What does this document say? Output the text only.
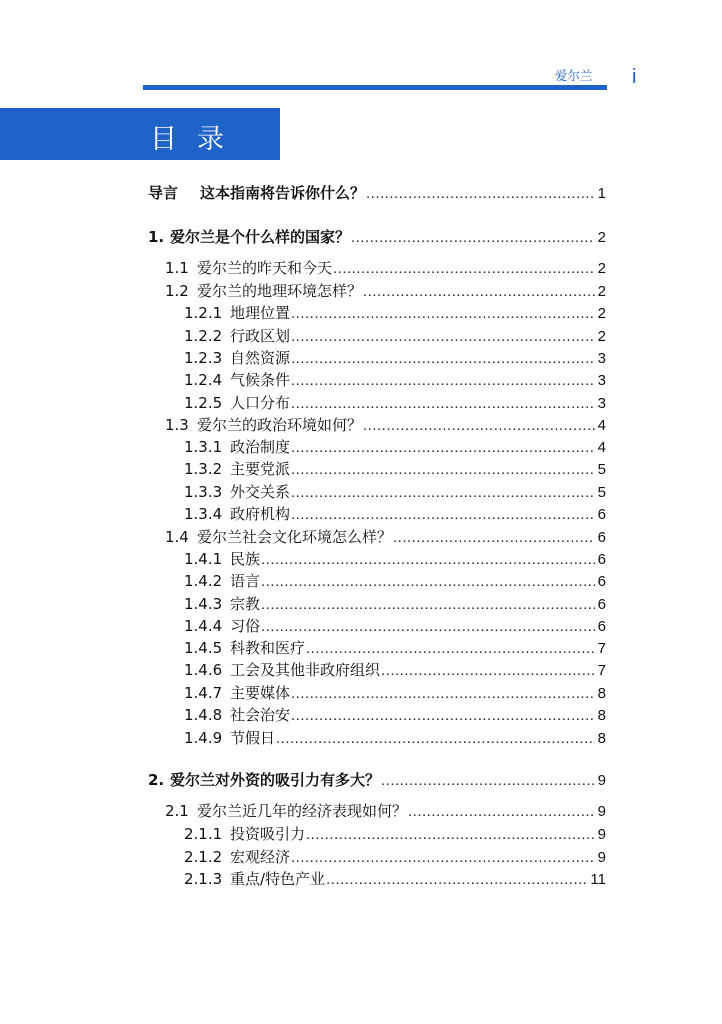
爱尔兰 i
目录
导言	这本指南将告诉你什么？ .....	1
1. 爱尔兰是个什么样的国家？ .....	2
1.1 爱尔兰的昨天和今天 .....	2
1.2 爱尔兰的地理环境怎样？ .....	2
1.2.1 地理位置 .....	2
1.2.2 行政区划 .....	2
1.2.3 自然资源 .....	3
1.2.4 气候条件 .....	3
1.2.5 人口分布 .....	3
1.3 爱尔兰的政治环境如何？ .....	4
1.3.1 政治制度 .....	4
1.3.2 主要党派 .....	5
1.3.3 外交关系 .....	5
1.3.4 政府机构 .....	6
1.4 爱尔兰社会文化环境怎么样？ .....	6
1.4.1 民族 .....	6
1.4.2 语言 .....	6
1.4.3 宗教 .....	6
1.4.4 习俗 .....	6
1.4.5 科教和医疗 .....	7
1.4.6 工会及其他非政府组织 .....	7
1.4.7 主要媒体 .....	8
1.4.8 社会治安 .....	8
1.4.9 节假日 .....	8
2. 爱尔兰对外资的吸引力有多大？ .....	9
2.1 爱尔兰近几年的经济表现如何？ .....	9
2.1.1 投资吸引力 .....	9
2.1.2 宏观经济 .....	9
2.1.3 重点/特色产业 .....	11
